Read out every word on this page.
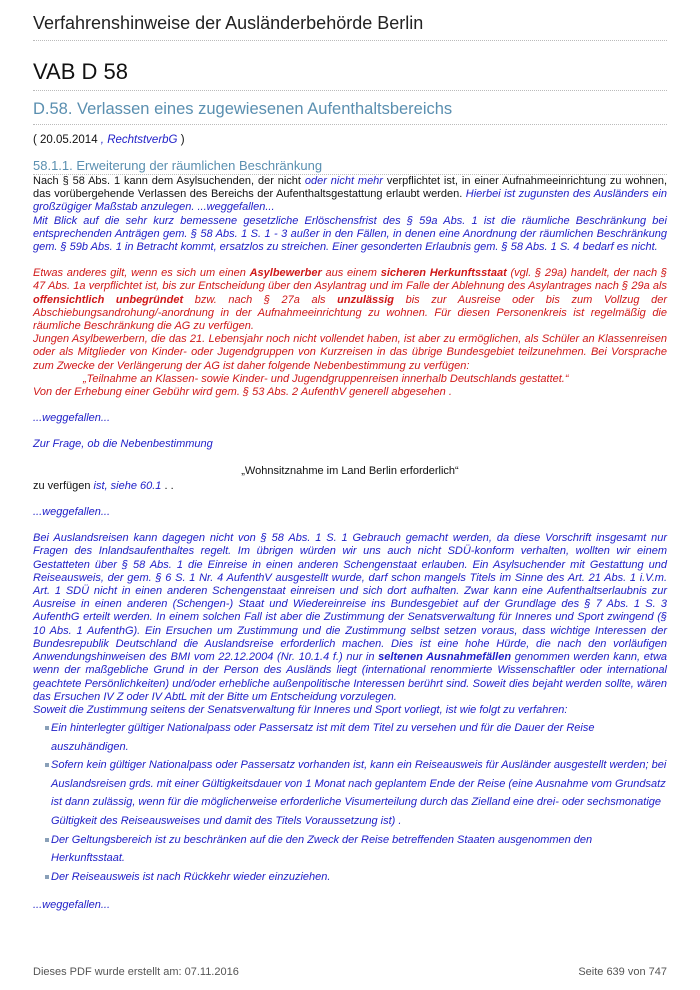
Verfahrenshinweise der Ausländerbehörde Berlin
VAB D 58
D.58. Verlassen eines zugewiesenen Aufenthaltsbereichs
( 20.05.2014 , RechtstverbG )
58.1.1. Erweiterung der räumlichen Beschränkung

Nach § 58 Abs. 1 kann dem Asylsuchenden, der nicht oder nicht mehr verpflichtet ist, in einer Aufnahmeeinrichtung zu wohnen, das vorübergehende Verlassen des Bereichs der Aufenthaltsgestattung erlaubt werden. Hierbei ist zugunsten des Ausländers ein großzügiger Maßstab anzulegen. ...weggefallen...

Mit Blick auf die sehr kurz bemessene gesetzliche Erlöschensfrist des § 59a Abs. 1 ist die räumliche Beschränkung bei entsprechenden Anträgen gem. § 58 Abs. 1 S. 1 - 3 außer in den Fällen, in denen eine Anordnung der räumlichen Beschränkung gem. § 59b Abs. 1 in Betracht kommt, ersatzlos zu streichen. Einer gesonderten Erlaubnis gem. § 58 Abs. 1 S. 4 bedarf es nicht.

Etwas anderes gilt, wenn es sich um einen Asylbewerber aus einem sicheren Herkunftsstaat (vgl. § 29a) handelt, der nach § 47 Abs. 1a verpflichtet ist, bis zur Entscheidung über den Asylantrag und im Falle der Ablehnung des Asylantrages nach § 29a als offensichtlich unbegründet bzw. nach § 27a als unzulässig bis zur Ausreise oder bis zum Vollzug der Abschiebungsandrohung/-anordnung in der Aufnahmeeinrichtung zu wohnen. Für diesen Personenkreis ist regelmäßig die räumliche Beschränkung die AG zu verfügen.

Jungen Asylbewerbern, die das 21. Lebensjahr noch nicht vollendet haben, ist aber zu ermöglichen, als Schüler an Klassenreisen oder als Mitglieder von Kinder- oder Jugendgruppen von Kurzreisen in das übrige Bundesgebiet teilzunehmen. Bei Vorsprache zum Zwecke der Verlängerung der AG ist daher folgende Nebenbestimmung zu verfügen:

„Teilnahme an Klassen- sowie Kinder- und Jugendgruppenreisen innerhalb Deutschlands gestattet.“

Von der Erhebung einer Gebühr wird gem. § 53 Abs. 2 AufenthV generell abgesehen .

...weggefallen...

Zur Frage, ob die Nebenbestimmung

„Wohnsitznahme im Land Berlin erforderlich“

zu verfügen ist, siehe 60.1 . .

...weggefallen...

Bei Auslandsreisen kann dagegen nicht von § 58 Abs. 1 S. 1 Gebrauch gemacht werden, da diese Vorschrift insgesamt nur Fragen des Inlandsaufenthaltes regelt. Im übrigen würden wir uns auch nicht SDÜ-konform verhalten, wollten wir einem Gestatteten über § 58 Abs. 1 die Einreise in einen anderen Schengenstaat erlauben. Ein Asylsuchender mit Gestattung und Reiseausweis, der gem. § 6 S. 1 Nr. 4 AufenthV ausgestellt wurde, darf schon mangels Titels im Sinne des Art. 21 Abs. 1 i.V.m. Art. 1 SDÜ nicht in einen anderen Schengenstaat einreisen und sich dort aufhalten. Zwar kann eine Aufenthaltserlaubnis zur Ausreise in einen anderen (Schengen-) Staat und Wiedereinreise ins Bundesgebiet auf der Grundlage des § 7 Abs. 1 S. 3 AufenthG erteilt werden. In einem solchen Fall ist aber die Zustimmung der Senatsverwaltung für Inneres und Sport zwingend (§ 10 Abs. 1 AufenthG). Ein Ersuchen um Zustimmung und die Zustimmung selbst setzen voraus, dass wichtige Interessen der Bundesrepublik Deutschland die Auslandsreise erforderlich machen. Dies ist eine hohe Hürde, die nach den vorläufigen Anwendungshinweisen des BMI vom 22.12.2004 (Nr. 10.1.4 f.) nur in seltenen Ausnahmefällen genommen werden kann, etwa wenn der maßgebliche Grund in der Person des Ausländs liegt (international renommierte Wissenschaftler oder international geachtete Persönlichkeiten) und/oder erhebliche außenpolitische Interessen berührt sind. Soweit dies bejaht werden sollte, wären das Ersuchen IV Z oder IV AbtL mit der Bitte um Entscheidung vorzulegen.

Soweit die Zustimmung seitens der Senatsverwaltung für Inneres und Sport vorliegt, ist wie folgt zu verfahren:

Ein hinterlegter gültiger Nationalpass oder Passersatz ist mit dem Titel zu versehen und für die Dauer der Reise auszuhändigen.
Sofern kein gültiger Nationalpass oder Passersatz vorhanden ist, kann ein Reiseausweis für Ausländer ausgestellt werden; bei Auslandsreisen grds. mit einer Gültigkeitsdauer von 1 Monat nach geplantem Ende der Reise (eine Ausnahme vom Grundsatz ist dann zulässig, wenn für die möglicherweise erforderliche Visumerteilung durch das Zielland eine drei- oder sechsmonatige Gültigkeit des Reiseausweises und damit des Titels Voraussetzung ist) .
Der Geltungsbereich ist zu beschränken auf die den Zweck der Reise betreffenden Staaten ausgenommen den Herkunftsstaat.
Der Reiseausweis ist nach Rückkehr wieder einzuziehen.

...weggefallen...

Dieses PDF wurde erstellt am: 07.11.2016	Seite 639 von 747
